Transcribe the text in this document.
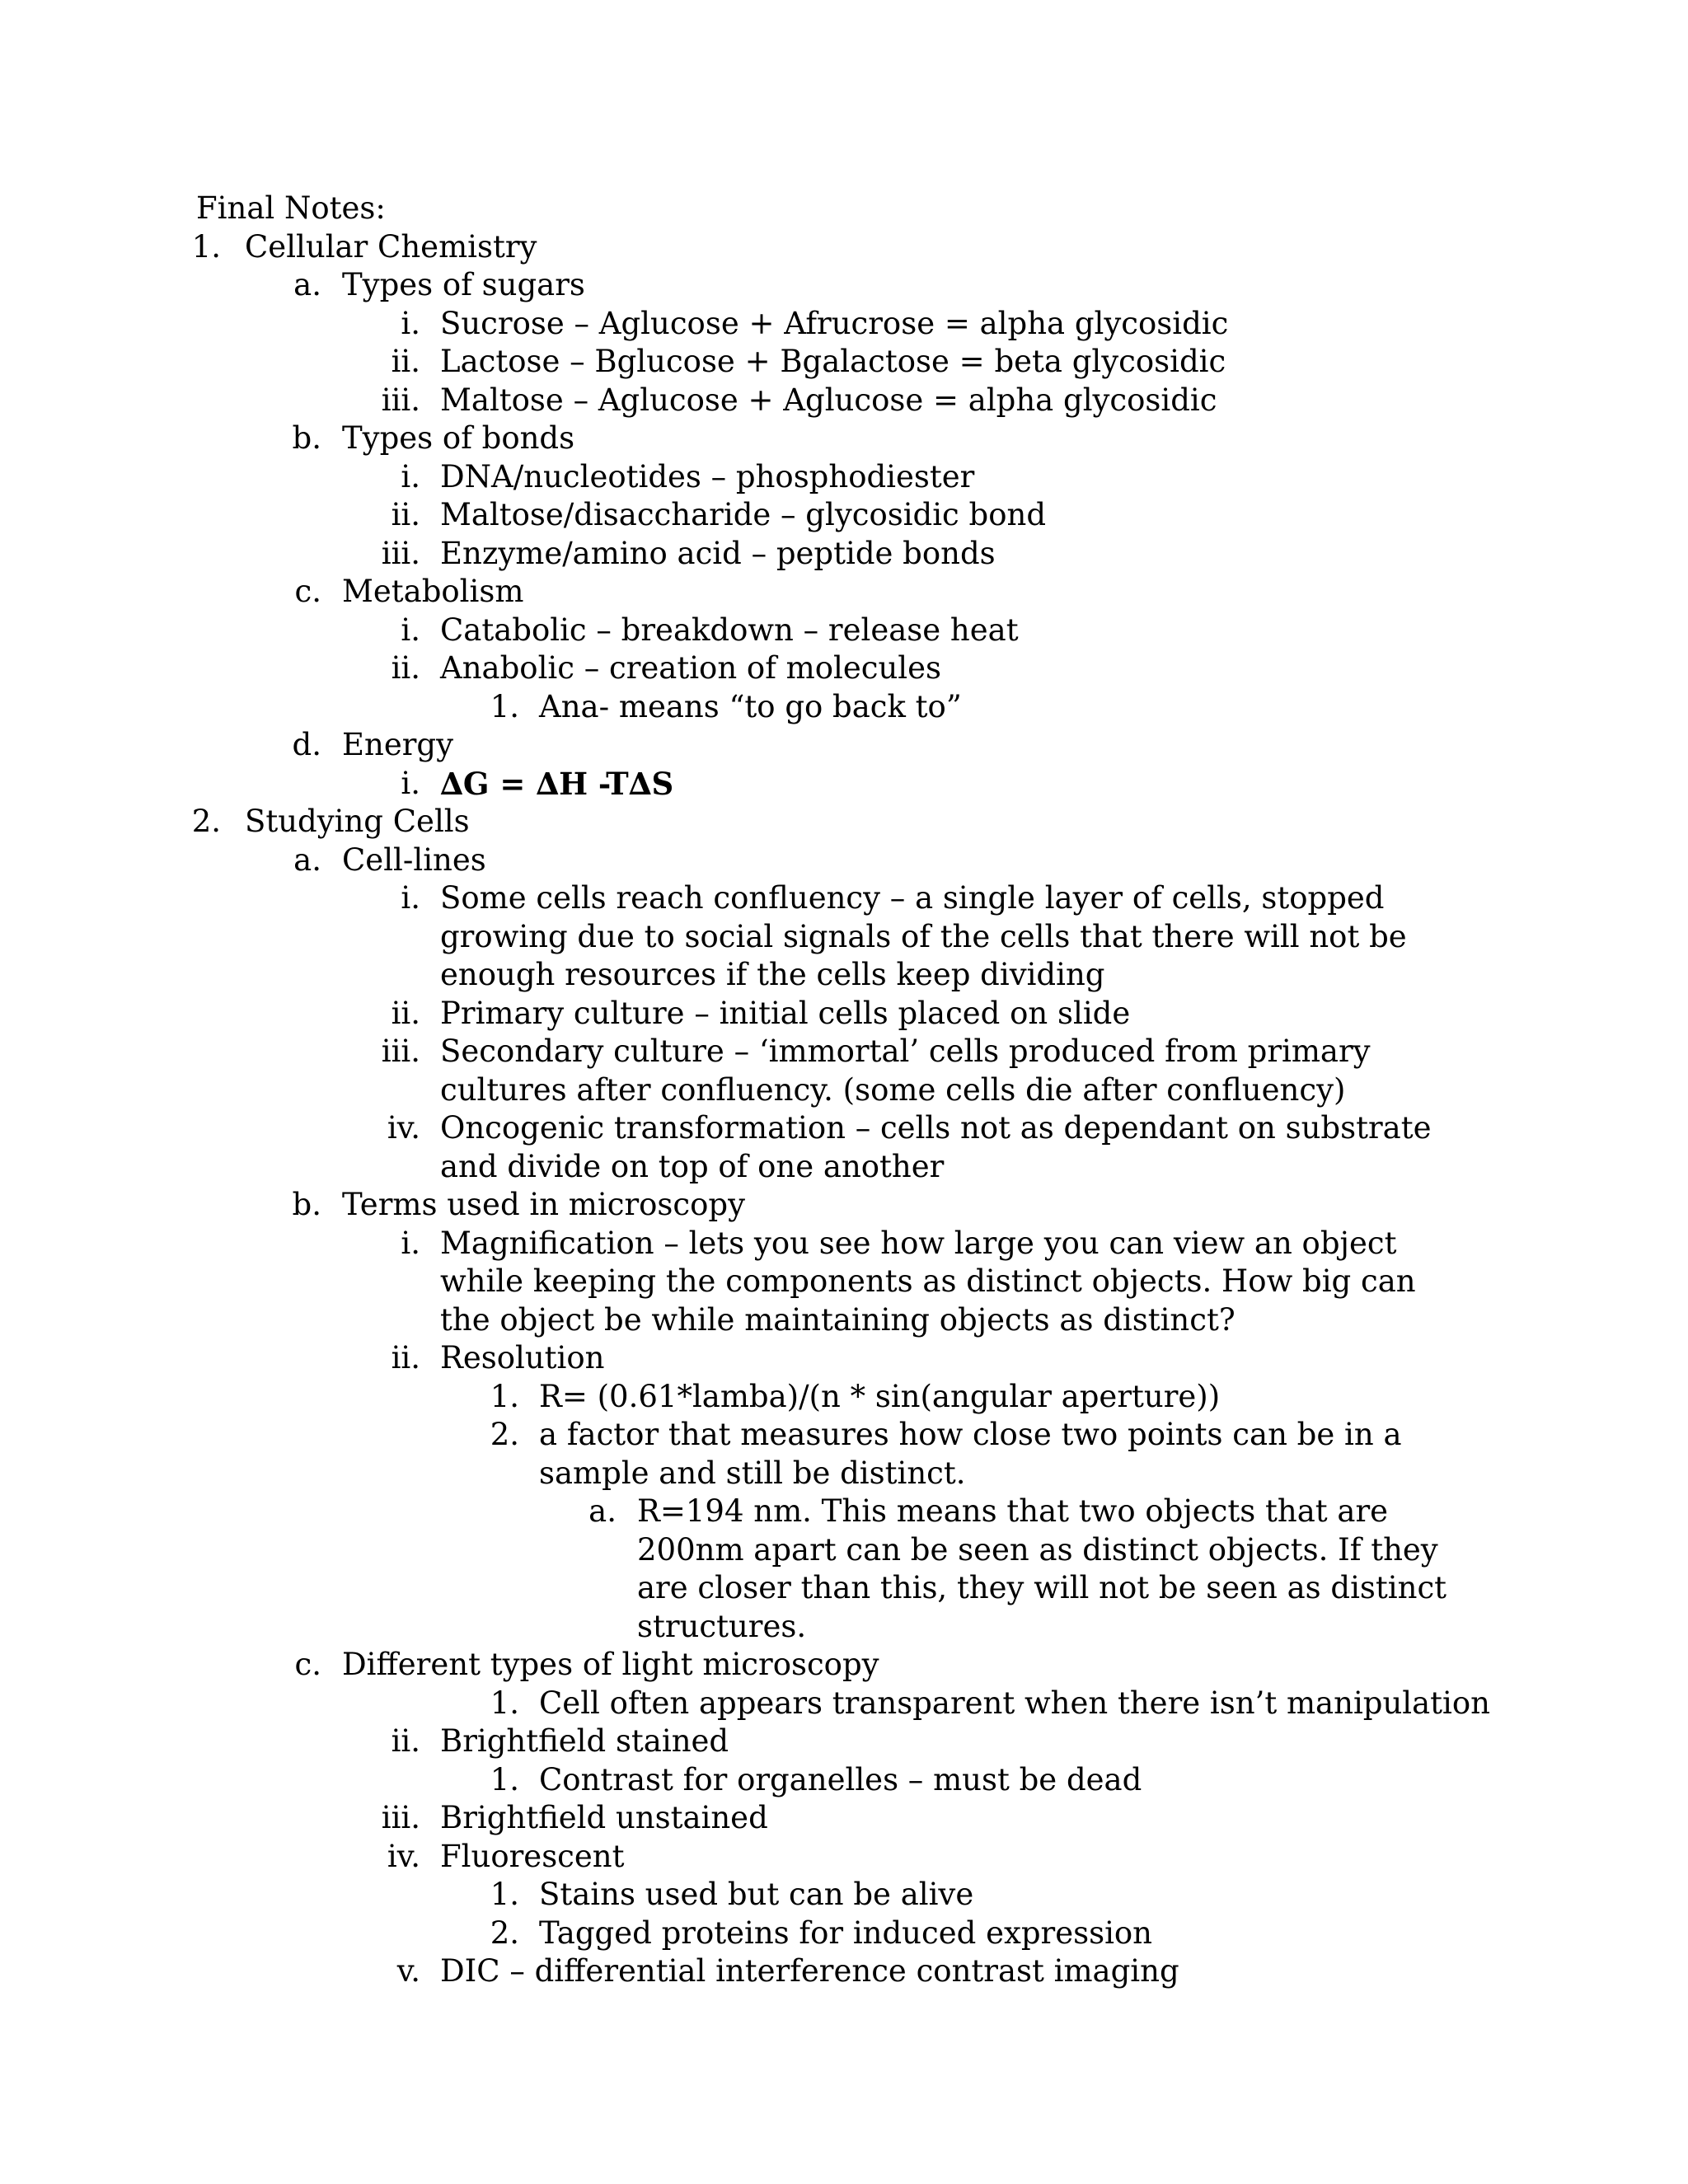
Final Notes:
1. Cellular Chemistry
a. Types of sugars
i. Sucrose – Aglucose + Afrucrose = alpha glycosidic
ii. Lactose – Bglucose + Bgalactose = beta glycosidic
iii. Maltose – Aglucose + Aglucose = alpha glycosidic
b. Types of bonds
i. DNA/nucleotides – phosphodiester
ii. Maltose/disaccharide – glycosidic bond
iii. Enzyme/amino acid – peptide bonds
c. Metabolism
i. Catabolic – breakdown – release heat
ii. Anabolic – creation of molecules
1. Ana- means “to go back to”
d. Energy
i. ∆G = ∆H -T∆S
2. Studying Cells
a. Cell-lines
i. Some cells reach confluency – a single layer of cells, stopped growing due to social signals of the cells that there will not be enough resources if the cells keep dividing
ii. Primary culture – initial cells placed on slide
iii. Secondary culture – ‘immortal’ cells produced from primary cultures after confluency. (some cells die after confluency)
iv. Oncogenic transformation – cells not as dependant on substrate and divide on top of one another
b. Terms used in microscopy
i. Magnification – lets you see how large you can view an object while keeping the components as distinct objects. How big can the object be while maintaining objects as distinct?
ii. Resolution
1. R= (0.61*lamba)/(n * sin(angular aperture))
2. a factor that measures how close two points can be in a sample and still be distinct.
a. R=194 nm. This means that two objects that are 200nm apart can be seen as distinct objects. If they are closer than this, they will not be seen as distinct structures.
c. Different types of light microscopy
1. Cell often appears transparent when there isn’t manipulation
ii. Brightfield stained
1. Contrast for organelles – must be dead
iii. Brightfield unstained
iv. Fluorescent
1. Stains used but can be alive
2. Tagged proteins for induced expression
v. DIC – differential interference contrast imaging
